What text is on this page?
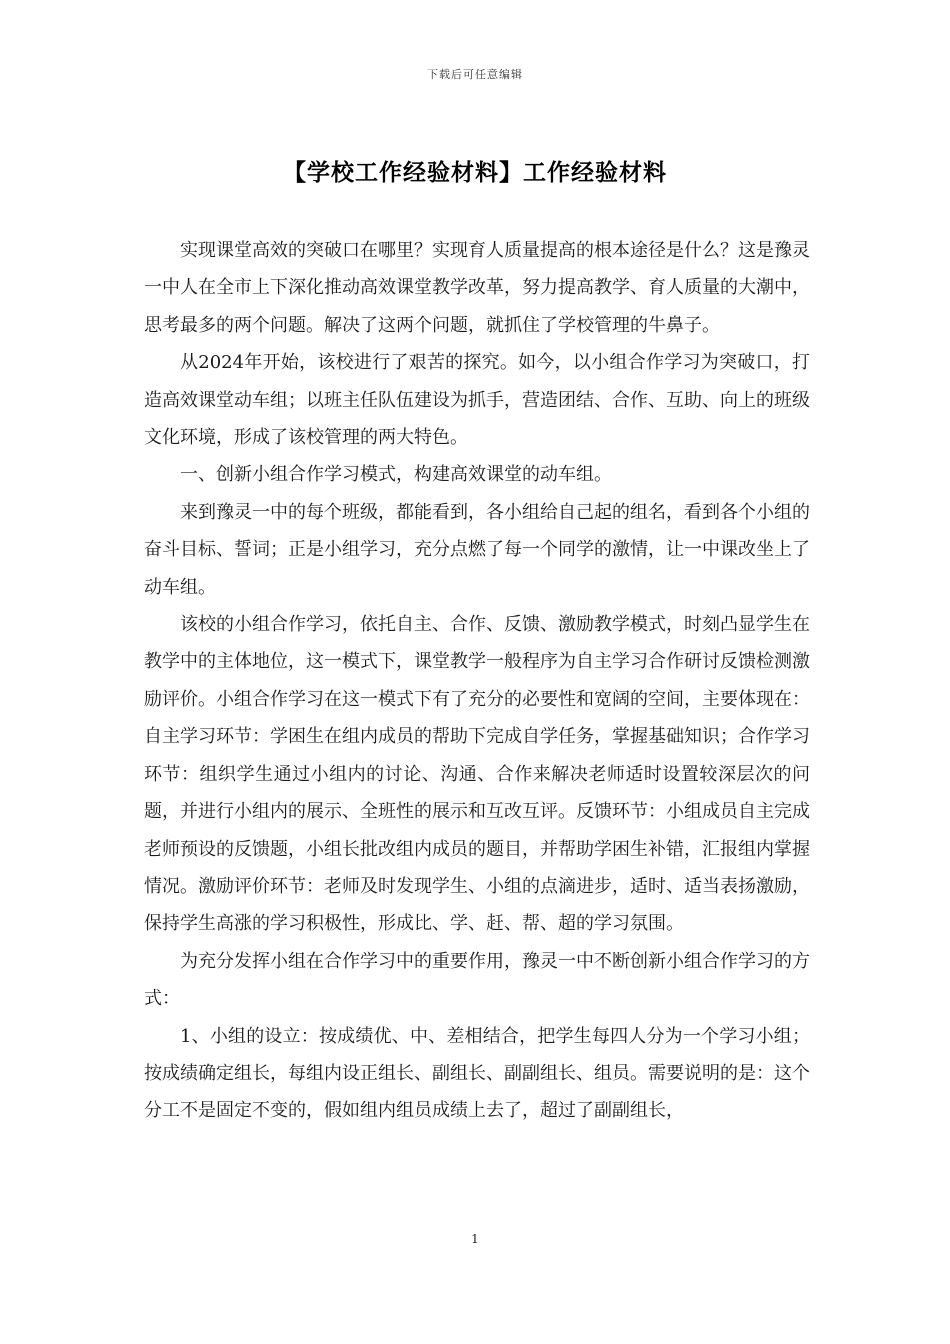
下载后可任意编辑
【学校工作经验材料】工作经验材料

实现课堂高效的突破口在哪里？实现育人质量提高的根本途径是什么？这是豫灵一中人在全市上下深化推动高效课堂教学改革，努力提高教学、育人质量的大潮中，思考最多的两个问题。解决了这两个问题，就抓住了学校管理的牛鼻子。

从2024年开始，该校进行了艰苦的探究。如今，以小组合作学习为突破口，打造高效课堂动车组；以班主任队伍建设为抓手，营造团结、合作、互助、向上的班级文化环境，形成了该校管理的两大特色。

一、创新小组合作学习模式，构建高效课堂的动车组。

来到豫灵一中的每个班级，都能看到，各小组给自己起的组名，看到各个小组的奋斗目标、誓词；正是小组学习，充分点燃了每一个同学的激情，让一中课改坐上了动车组。

该校的小组合作学习，依托自主、合作、反馈、激励教学模式，时刻凸显学生在教学中的主体地位，这一模式下，课堂教学一般程序为自主学习合作研讨反馈检测激励评价。小组合作学习在这一模式下有了充分的必要性和宽阔的空间，主要体现在：自主学习环节：学困生在组内成员的帮助下完成自学任务，掌握基础知识；合作学习环节：组织学生通过小组内的讨论、沟通、合作来解决老师适时设置较深层次的问题，并进行小组内的展示、全班性的展示和互改互评。反馈环节：小组成员自主完成老师预设的反馈题，小组长批改组内成员的题目，并帮助学困生补错，汇报组内掌握情况。激励评价环节：老师及时发现学生、小组的点滴进步，适时、适当表扬激励，保持学生高涨的学习积极性，形成比、学、赶、帮、超的学习氛围。

为充分发挥小组在合作学习中的重要作用，豫灵一中不断创新小组合作学习的方式：

1、小组的设立：按成绩优、中、差相结合，把学生每四人分为一个学习小组；按成绩确定组长，每组内设正组长、副组长、副副组长、组员。需要说明的是：这个分工不是固定不变的，假如组内组员成绩上去了，超过了副副组长，

1
